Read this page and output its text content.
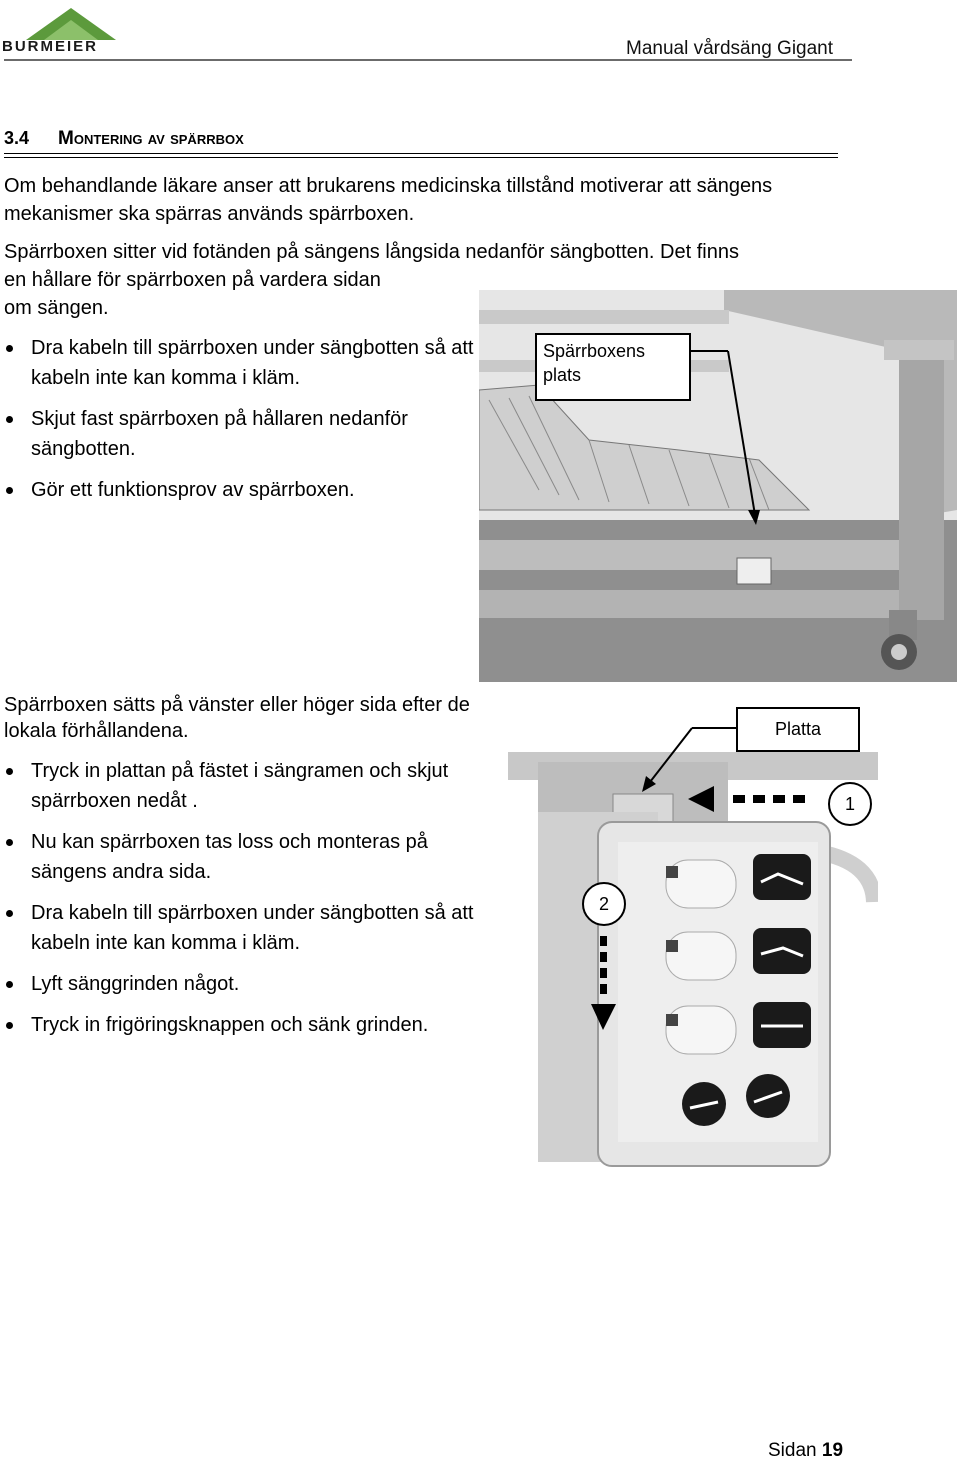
BURMEIER	Manual vårdsäng Gigant
3.4 Montering av spärrbox
Om behandlande läkare anser att brukarens medicinska tillstånd motiverar att sängens mekanismer ska spärras används spärrboxen.
Spärrboxen sitter vid fotänden på sängens långsida nedanför sängbotten. Det finns
en hållare för spärrboxen på vardera sidan
om sängen.
Dra kabeln till spärrboxen under sängbotten så att kabeln inte kan komma i kläm.
Skjut fast spärrboxen på hållaren nedanför sängbotten.
Gör ett funktionsprov av spärrboxen.
Spärrboxens plats
Spärrboxen sätts på vänster eller höger sida efter de lokala förhållandena.
Tryck in plattan på fästet i sängramen och skjut spärrboxen nedåt .
Nu kan spärrboxen tas loss och monteras på sängens andra sida.
Dra kabeln till spärrboxen under sängbotten så att kabeln inte kan komma i kläm.
Lyft sänggrinden något.
Tryck in frigöringsknappen och sänk grinden.
1
2
Platta
Sidan 19
